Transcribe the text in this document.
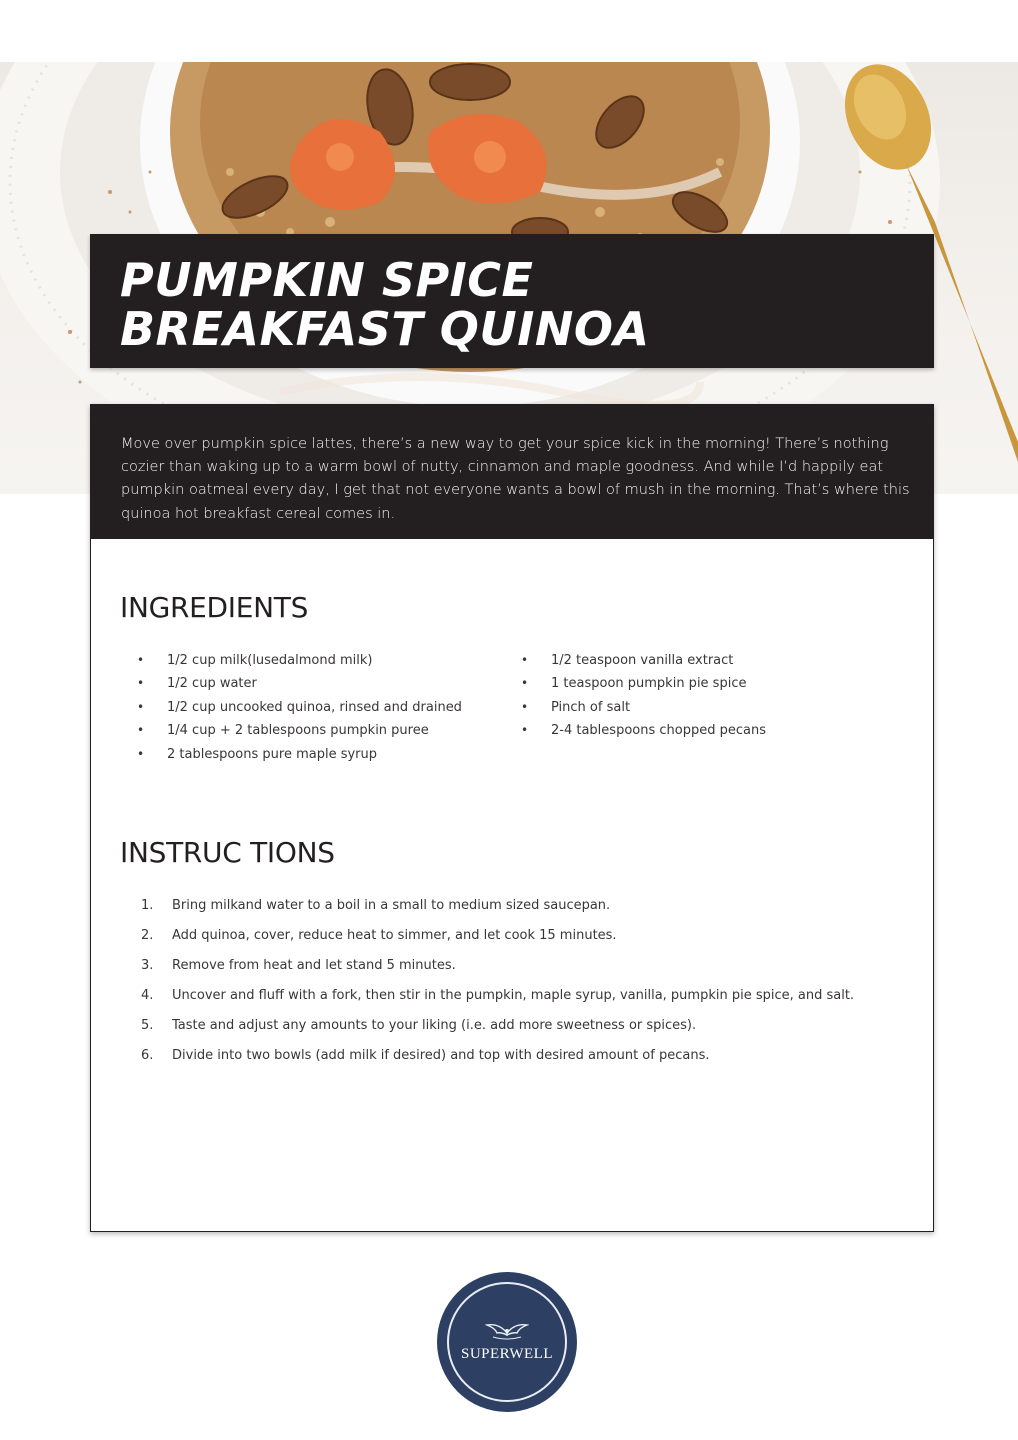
PUMPKIN SPICE
BREAKFAST QUINOA

Move over pumpkin spice lattes, there’s a new way to get your spice kick in the morning! There’s nothing
cozier than waking up to a warm bowl of nutty, cinnamon and maple goodness. And while I’d happily eat
pumpkin oatmeal every day, I get that not everyone wants a bowl of mush in the morning. That’s where this
quinoa hot breakfast cereal comes in.

INGREDIENTS
• 1/2 cup milk(lusedalmond milk)
• 1/2 cup water
• 1/2 cup uncooked quinoa, rinsed and drained
• 1/4 cup + 2 tablespoons pumpkin puree
• 2 tablespoons pure maple syrup
• 1/2 teaspoon vanilla extract
• 1 teaspoon pumpkin pie spice
• Pinch of salt
• 2-4 tablespoons chopped pecans
INSTRUC TIONS
1. Bring milkand water to a boil in a small to medium sized saucepan.
2. Add quinoa, cover, reduce heat to simmer, and let cook 15 minutes.
3. Remove from heat and let stand 5 minutes.
4. Uncover and fluff with a fork, then stir in the pumpkin, maple syrup, vanilla, pumpkin pie spice, and salt.
5. Taste and adjust any amounts to your liking (i.e. add more sweetness or spices).
6. Divide into two bowls (add milk if desired) and top with desired amount of pecans.
SUPERWELL
